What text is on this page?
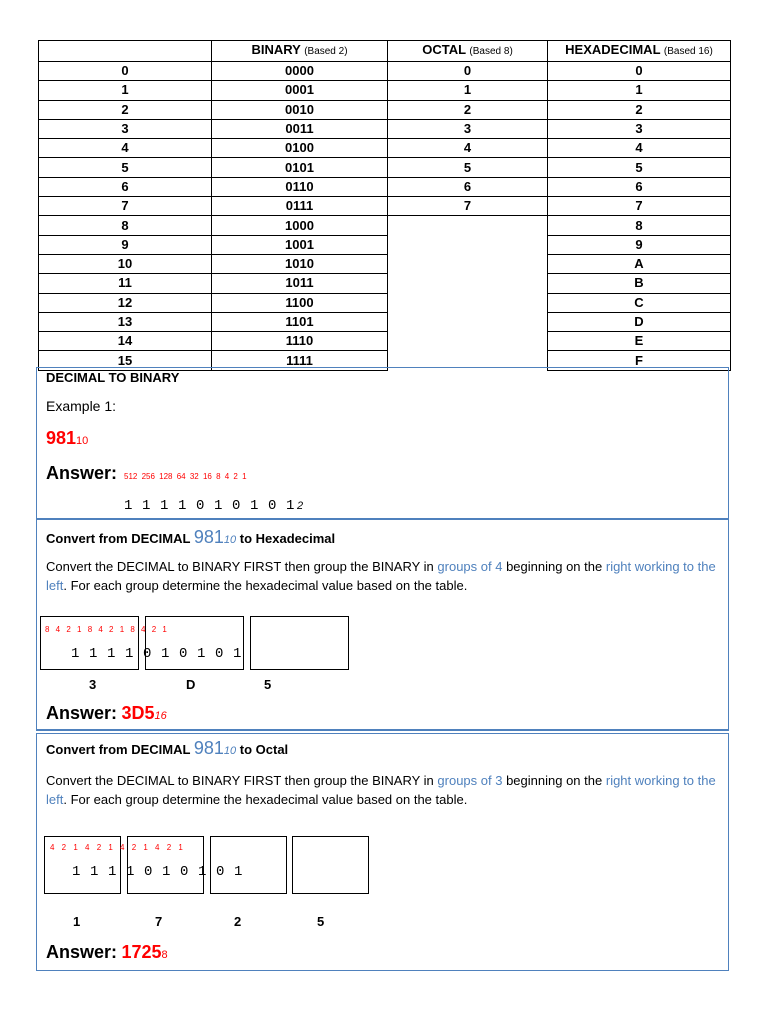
	BINARY (Based 2)	OCTAL (Based 8)	HEXADECIMAL (Based 16)
0	0000	0	0
1	0001	1	1
2	0010	2	2
3	0011	3	3
4	0100	4	4
5	0101	5	5
6	0110	6	6
7	0111	7	7
8	1000		8
9	1001		9
10	1010		A
11	1011		B
12	1100		C
13	1101		D
14	1110		E
15	1111		F
DECIMAL TO BINARY
Example 1:
98110
Answer: 512 256 128 64 32 16 8 4 2 1
1 1 1 1 0 1 0 1 0 1 2
Convert from DECIMAL 98110 to Hexadecimal
Convert the DECIMAL to BINARY FIRST then group the BINARY in groups of 4 beginning on the right working to the left. For each group determine the hexadecimal value based on the table.
8 4 2 1 8 4 2 1 8 4 2 1
1 1 1 1 0 1 0 1 0 1
3	D	5
Answer: 3D516
Convert from DECIMAL 98110 to Octal
Convert the DECIMAL to BINARY FIRST then group the BINARY in groups of 3 beginning on the right working to the left. For each group determine the hexadecimal value based on the table.
4 2 1 4 2 1 4 2 1 4 2 1
1 1 1 1 0 1 0 1 0 1
1	7	2	5
Answer: 17258
